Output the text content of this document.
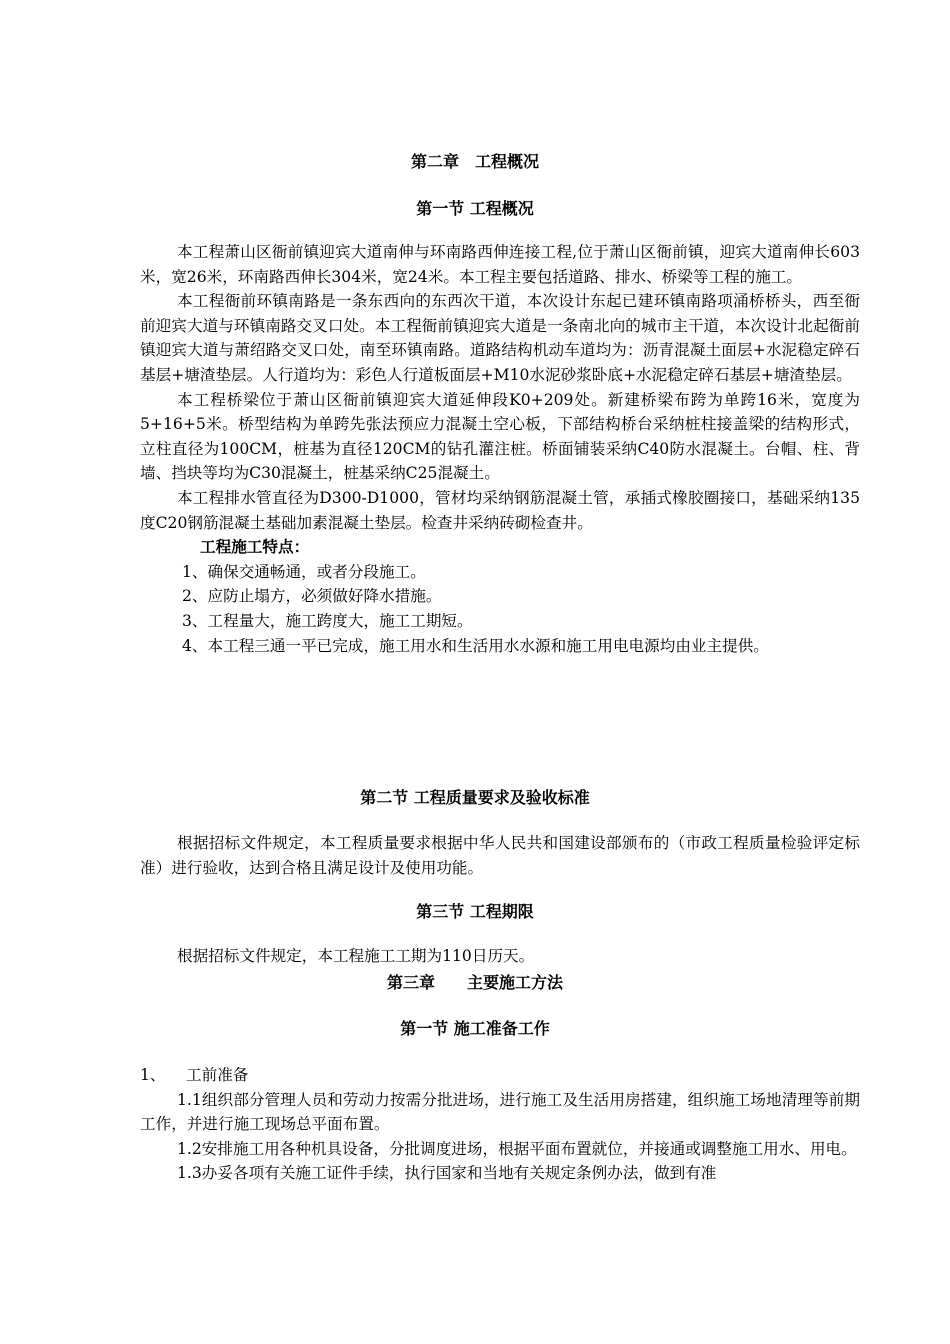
第二章　工程概况
第一节 工程概况

本工程萧山区衙前镇迎宾大道南伸与环南路西伸连接工程,位于萧山区衙前镇，迎宾大道南伸长603米，宽26米，环南路西伸长304米，宽24米。本工程主要包括道路、排水、桥梁等工程的施工。

本工程衙前环镇南路是一条东西向的东西次干道，本次设计东起已建环镇南路项涌桥桥头，西至衙前迎宾大道与环镇南路交叉口处。本工程衙前镇迎宾大道是一条南北向的城市主干道，本次设计北起衙前镇迎宾大道与萧绍路交叉口处，南至环镇南路。道路结构机动车道均为：沥青混凝土面层+水泥稳定碎石基层+塘渣垫层。人行道均为：彩色人行道板面层+M10水泥砂浆卧底+水泥稳定碎石基层+塘渣垫层。

本工程桥梁位于萧山区衙前镇迎宾大道延伸段K0+209处。新建桥梁布跨为单跨16米，宽度为5+16+5米。桥型结构为单跨先张法预应力混凝土空心板，下部结构桥台采纳桩柱接盖梁的结构形式，立柱直径为100CM，桩基为直径120CM的钻孔灌注桩。桥面铺装采纳C40防水混凝土。台帽、柱、背墙、挡块等均为C30混凝土，桩基采纳C25混凝土。

本工程排水管直径为D300-D1000，管材均采纳钢筋混凝土管，承插式橡胶圈接口，基础采纳135度C20钢筋混凝土基础加素混凝土垫层。检查井采纳砖砌检查井。

工程施工特点：

1、确保交通畅通，或者分段施工。

2、应防止塌方，必须做好降水措施。

3、工程量大，施工跨度大，施工工期短。

4、本工程三通一平已完成，施工用水和生活用水水源和施工用电电源均由业主提供。

第二节 工程质量要求及验收标准

根据招标文件规定，本工程质量要求根据中华人民共和国建设部颁布的（市政工程质量检验评定标准）进行验收，达到合格且满足设计及使用功能。

第三节 工程期限

根据招标文件规定，本工程施工工期为110日历天。

第三章　　主要施工方法
第一节 施工准备工作

1、 工前准备

1.1组织部分管理人员和劳动力按需分批进场，进行施工及生活用房搭建，组织施工场地清理等前期工作，并进行施工现场总平面布置。

1.2安排施工用各种机具设备，分批调度进场，根据平面布置就位，并接通或调整施工用水、用电。

1.3办妥各项有关施工证件手续，执行国家和当地有关规定条例办法，做到有准
